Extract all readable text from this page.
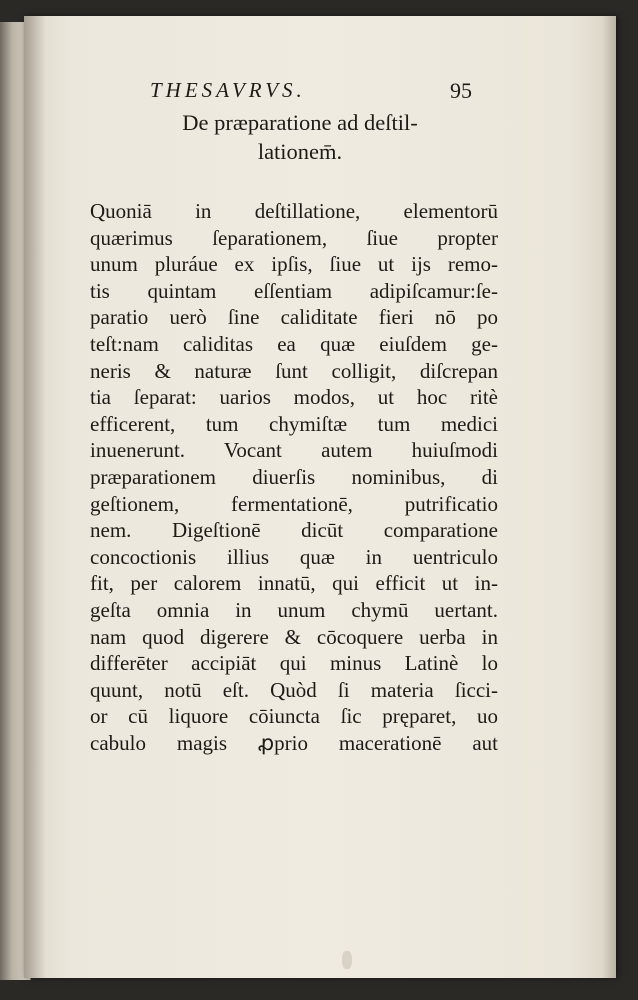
THESAVRVS.	95
De præparatione ad deſtil-
lationem̄.
Quoniā in deſtillatione, elementorū
quærimus ſeparationem, ſiue propter
unum pluráue ex ipſis, ſiue ut ijs remo-
tis quintam eſſentiam adipiſcamur:ſe-
paratio uerò ſine caliditate fieri nō po
teſt:nam caliditas ea quæ eiuſdem ge-
neris & naturæ ſunt colligit, diſcrepan
tia ſeparat: uarios modos, ut hoc ritè
efficerent, tum chymiſtæ tum medici
inuenerunt. Vocant autem huiuſmodi
præparationem diuerſis nominibus, di
geſtionem, fermentationē, putrificatio
nem. Digeſtionē dicūt comparatione
concoctionis illius quæ in uentriculo
fit, per calorem innatū, qui efficit ut in-
geſta omnia in unum chymū uertant.
nam quod digerere & cōcoquere uerba in
differēter accipiāt qui minus Latinè lo
quunt, notū eſt. Quòd ſi materia ſicci-
or cū liquore cōiuncta ſic pręparet, uo
cabulo magis ꝓprio macerationē aut
